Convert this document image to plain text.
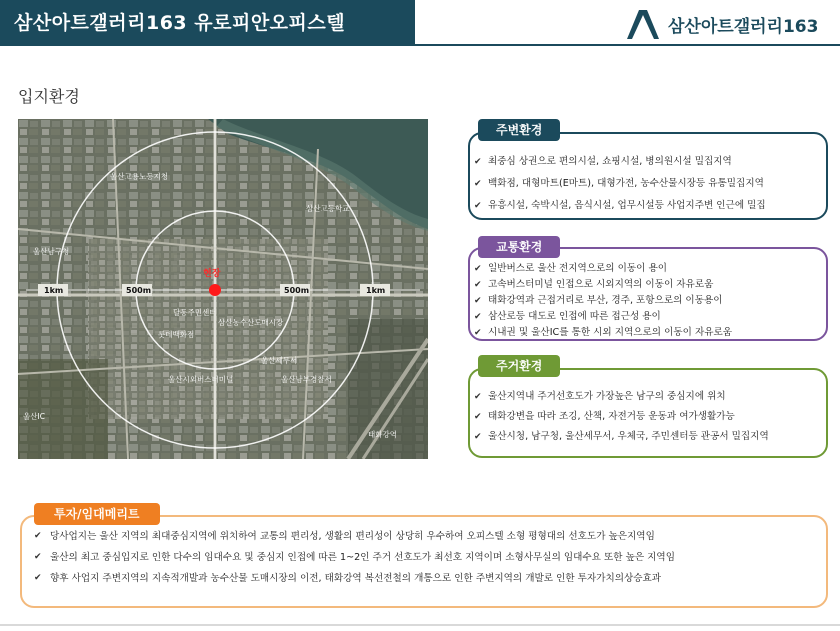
삼산아트갤러리163 유로피안오피스텔	삼산아트갤러리163
입지환경
현장
1km	500m	500m	1km
달동주민센터
울산고용노동지청
울산남구청
롯데백화점
삼산농수산도매시장
울산세무서
울산시외버스터미널
태화강역
삼산고등학교
울산남부경찰서
울산IC
✔ 최중심 상권으로 편의시설, 쇼핑시설, 병의원시설 밀집지역
✔ 백화점, 대형마트(E마트), 대형가전, 농수산물시장등 유통밀집지역
✔ 유흥시설, 숙박시설, 음식시설, 업무시설등 사업지주변 인근에 밀집
주변환경
✔ 일반버스로 울산 전지역으로의 이동이 용이
✔ 고속버스터미널 인접으로 시외지역의 이동이 자유로움
✔ 태화강역과 근접거리로 부산, 경주, 포항으로의 이동용이
✔ 삼산로등 대도로 인접에 따른 접근성 용이
✔ 시내권 및 울산IC를 통한 시외 지역으로의 이동이 자유로움
교통환경
✔ 울산지역내 주거선호도가 가장높은 남구의 중심지에 위치
✔ 태화강변을 따라 조깅, 산책, 자전거등 운동과 여가생활가능
✔ 울산시청, 남구청, 울산세무서, 우체국, 주민센터등 관공서 밀집지역
주거환경
✔ 당사업지는 울산 지역의 최대중심지역에 위치하여 교통의 편리성, 생활의 편리성이 상당히 우수하여 오피스텔 소형 평형대의 선호도가 높은지역임
✔ 울산의 최고 중심입지로 인한 다수의 임대수요 및 중심지 인접에 따른 1~2인 주거 선호도가 최선호 지역이며 소형사무실의 임대수요 또한 높은 지역임
✔ 향후 사업지 주변지역의 지속적개발과 농수산물 도매시장의 이전, 태화강역 복선전철의 개통으로 인한 주변지역의 개발로 인한 투자가치의상승효과
투자/임대메리트
